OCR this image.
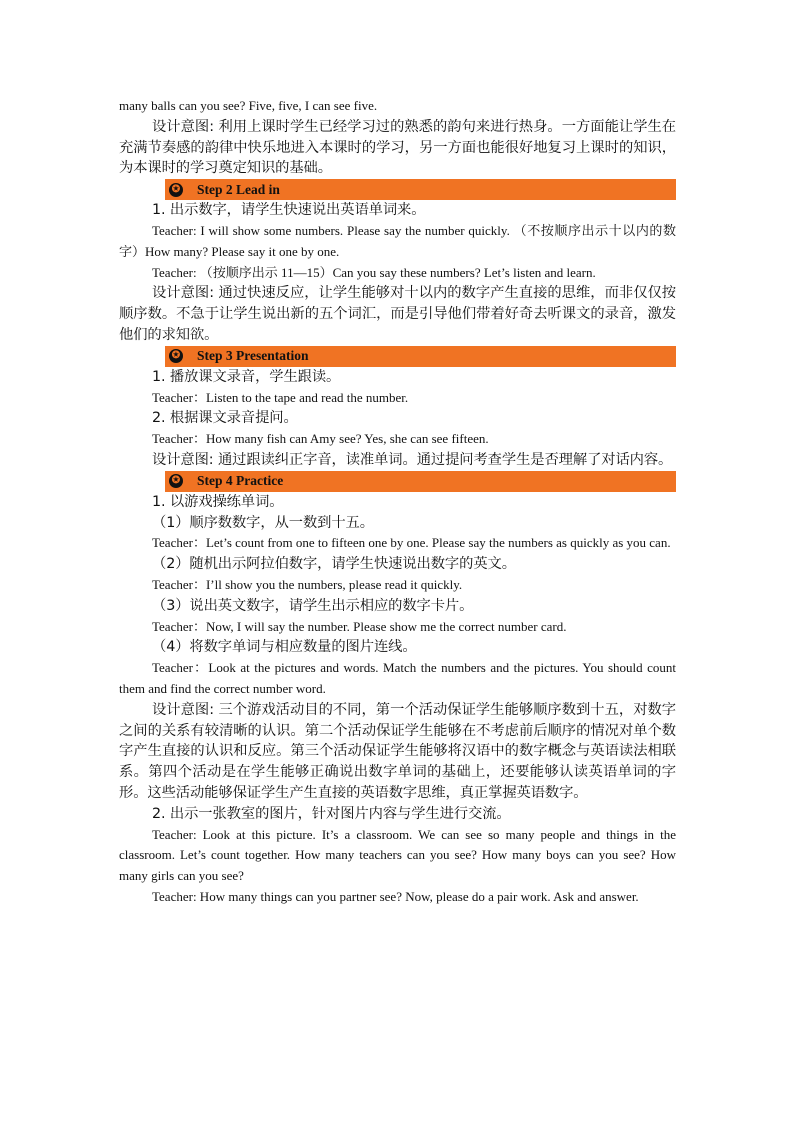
many balls can you see? Five, five, I can see five.

设计意图: 利用上课时学生已经学习过的熟悉的韵句来进行热身。一方面能让学生在充满节奏感的韵律中快乐地进入本课时的学习，另一方面也能很好地复习上课时的知识，为本课时的学习奠定知识的基础。

✪ Step 2 Lead in

1. 出示数字，请学生快速说出英语单词来。

Teacher: I will show some numbers. Please say the number quickly. （不按顺序出示十以内的数字）How many? Please say it one by one.

Teacher: （按顺序出示 11—15）Can you say these numbers? Let’s listen and learn.

设计意图: 通过快速反应，让学生能够对十以内的数字产生直接的思维，而非仅仅按顺序数。不急于让学生说出新的五个词汇，而是引导他们带着好奇去听课文的录音，激发他们的求知欲。

✪ Step 3 Presentation

1. 播放课文录音，学生跟读。

Teacher：Listen to the tape and read the number.

2. 根据课文录音提问。

Teacher：How many fish can Amy see? Yes, she can see fifteen.

设计意图: 通过跟读纠正字音，读准单词。通过提问考查学生是否理解了对话内容。

✪ Step 4 Practice

1. 以游戏操练单词。

（1）顺序数数字，从一数到十五。

Teacher：Let’s count from one to fifteen one by one. Please say the numbers as quickly as you can.

（2）随机出示阿拉伯数字，请学生快速说出数字的英文。

Teacher：I’ll show you the numbers, please read it quickly.

（3）说出英文数字，请学生出示相应的数字卡片。

Teacher：Now, I will say the number. Please show me the correct number card.

（4）将数字单词与相应数量的图片连线。

Teacher：Look at the pictures and words. Match the numbers and the pictures. You should count them and find the correct number word.

设计意图: 三个游戏活动目的不同，第一个活动保证学生能够顺序数到十五，对数字之间的关系有较清晰的认识。第二个活动保证学生能够在不考虑前后顺序的情况对单个数字产生直接的认识和反应。第三个活动保证学生能够将汉语中的数字概念与英语读法相联系。第四个活动是在学生能够正确说出数字单词的基础上，还要能够认读英语单词的字形。这些活动能够保证学生产生直接的英语数字思维，真正掌握英语数字。

2. 出示一张教室的图片，针对图片内容与学生进行交流。

Teacher: Look at this picture. It’s a classroom. We can see so many people and things in the classroom. Let’s count together. How many teachers can you see? How many boys can you see? How many girls can you see?

Teacher: How many things can you partner see? Now, please do a pair work. Ask and answer.
